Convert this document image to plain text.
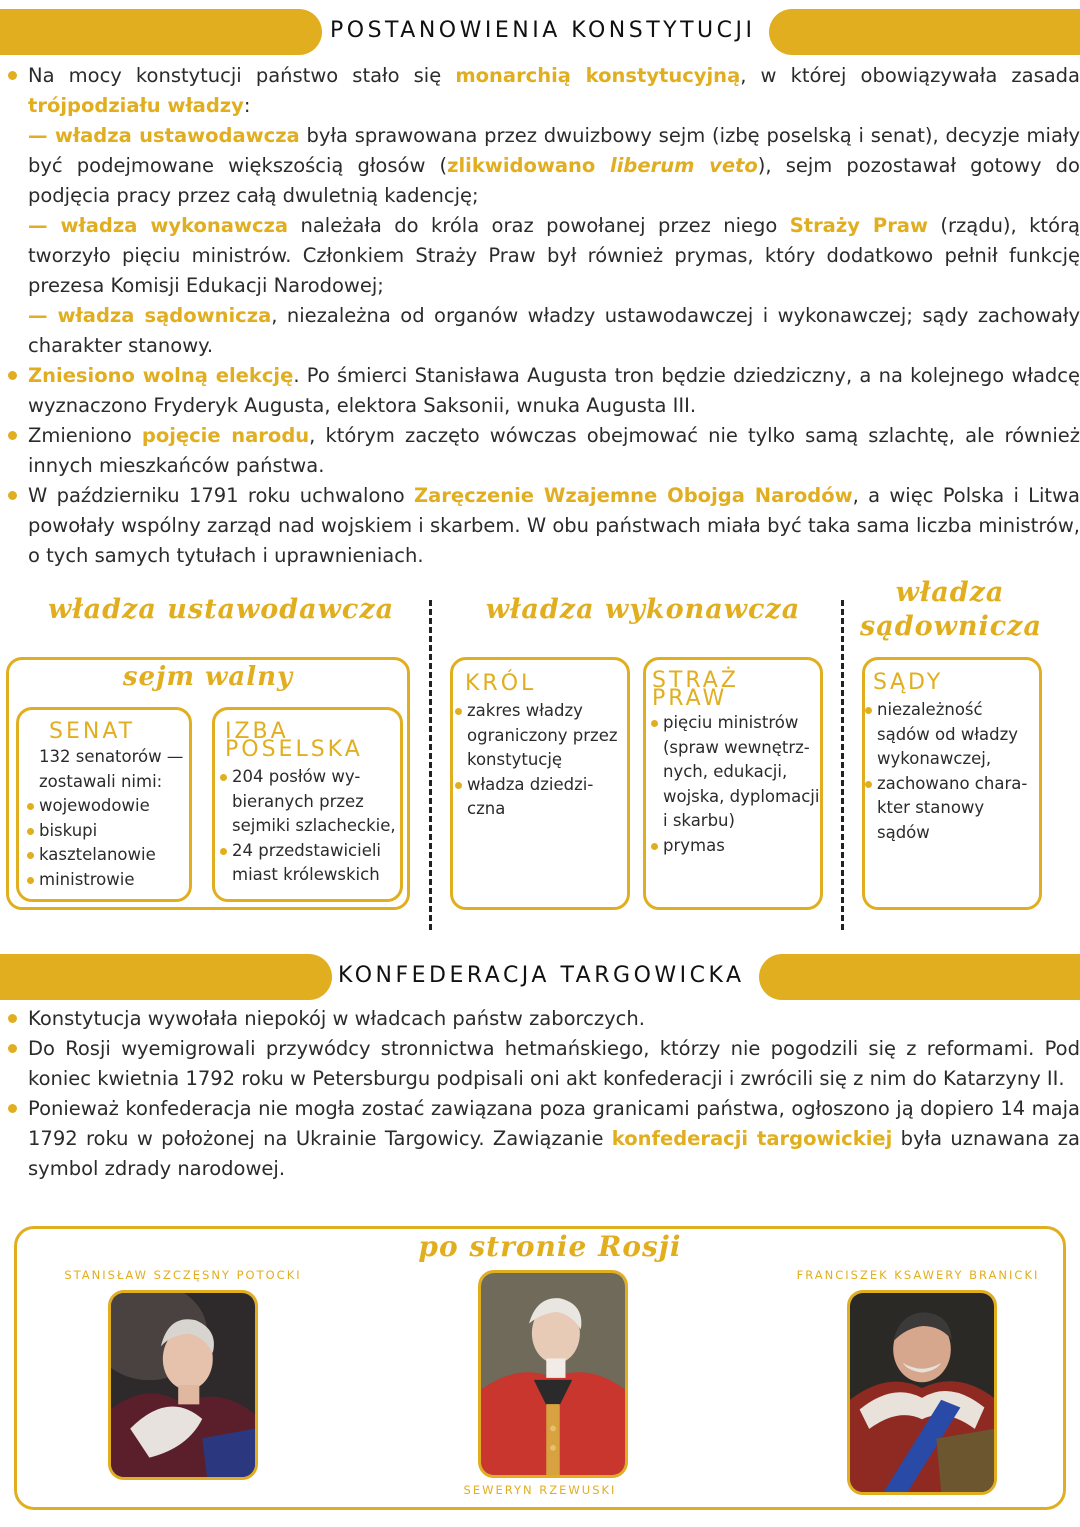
POSTANOWIENIA KONSTYTUCJI

Na mocy konstytucji państwo stało się monarchią konstytucyjną, w której obowiązywała zasada trójpodziału władzy:

— władza ustawodawcza była sprawowana przez dwuizbowy sejm (izbę poselską i senat), decyzje miały być podejmowane większością głosów (zlikwidowano liberum veto), sejm pozostawał gotowy do podjęcia pracy przez całą dwuletnią kadencję;

— władza wykonawcza należała do króla oraz powołanej przez niego Straży Praw (rządu), którą tworzyło pięciu ministrów. Członkiem Straży Praw był również prymas, który dodatkowo pełnił funkcję prezesa Komisji Edukacji Narodowej;

— władza sądownicza, niezależna od organów władzy ustawodawczej i wykonawczej; sądy zachowały charakter stanowy.

Zniesiono wolną elekcję. Po śmierci Stanisława Augusta tron będzie dziedziczny, a na kolejnego władcę wyznaczono Fryderyk Augusta, elektora Saksonii, wnuka Augusta III.

Zmieniono pojęcie narodu, którym zaczęto wówczas obejmować nie tylko samą szlachtę, ale również innych mieszkańców państwa.

W październiku 1791 roku uchwalono Zaręczenie Wzajemne Obojga Narodów, a więc Polska i Litwa powołały wspólny zarząd nad wojskiem i skarbem. W obu państwach miała być taka sama liczba ministrów, o tych samych tytułach i uprawnieniach.

władza ustawodawcza	władza wykonawcza
władza
sądownicza
sejm walny
SENAT
132 senatorów —
zostawali nimi:
wojewodowie
biskupi
kasztelanowie
ministrowie
IZBA
POSELSKA
204 posłów wy-
bieranych przez
sejmiki szlacheckie,
24 przedstawicieli
miast królewskich
KRÓL
zakres władzy
ograniczony przez
konstytucję
władza dziedzi-
czna
STRAŻ
PRAW
pięciu ministrów
(spraw wewnętrz-
nych, edukacji,
wojska, dyplomacji
i skarbu)
prymas
SĄDY
niezależność
sądów od władzy
wykonawczej,
zachowano chara-
kter stanowy
sądów
KONFEDERACJA TARGOWICKA

Konstytucja wywołała niepokój w władcach państw zaborczych.

Do Rosji wyemigrowali przywódcy stronnictwa hetmańskiego, którzy nie pogodzili się z reformami. Pod koniec kwietnia 1792 roku w Petersburgu podpisali oni akt konfederacji i zwrócili się z nim do Katarzyny II.

Ponieważ konfederacja nie mogła zostać zawiązana poza granicami państwa, ogłoszono ją dopiero 14 maja 1792 roku w położonej na Ukrainie Targowicy. Zawiązanie konfederacji targowickiej była uznawana za symbol zdrady narodowej.

po stronie Rosji
STANISŁAW SZCZĘSNY POTOCKI
SEWERYN RZEWUSKI
FRANCISZEK KSAWERY BRANICKI
